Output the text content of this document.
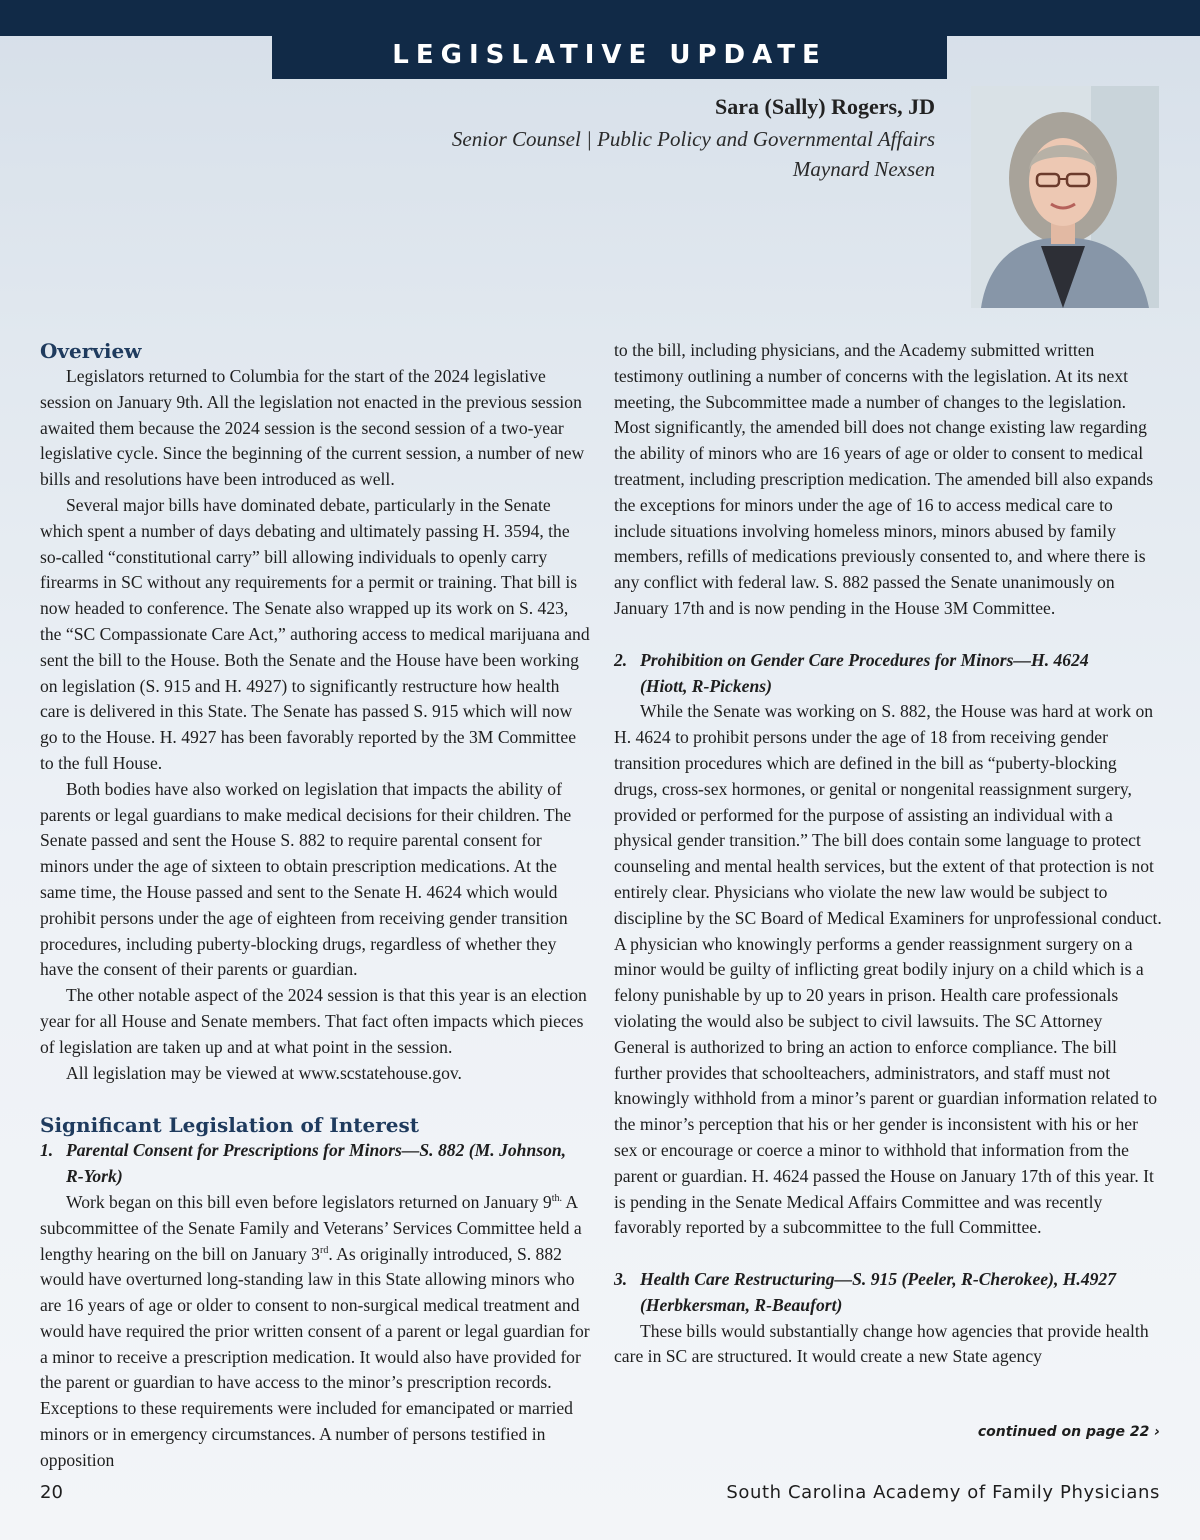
LEGISLATIVE UPDATE
Sara (Sally) Rogers, JD
Senior Counsel | Public Policy and Governmental Affairs
Maynard Nexsen
Overview

Legislators returned to Columbia for the start of the 2024 legislative session on January 9th. All the legislation not enacted in the previous session awaited them because the 2024 session is the second session of a two-year legislative cycle. Since the beginning of the current session, a number of new bills and resolutions have been introduced as well.

Several major bills have dominated debate, particularly in the Senate which spent a number of days debating and ultimately passing H. 3594, the so-called “constitutional carry” bill allowing individuals to openly carry firearms in SC without any requirements for a permit or training. That bill is now headed to conference. The Senate also wrapped up its work on S. 423, the “SC Compassionate Care Act,” authoring access to medical marijuana and sent the bill to the House. Both the Senate and the House have been working on legislation (S. 915 and H. 4927) to significantly restructure how health care is delivered in this State. The Senate has passed S. 915 which will now go to the House. H. 4927 has been favorably reported by the 3M Committee to the full House.

Both bodies have also worked on legislation that impacts the ability of parents or legal guardians to make medical decisions for their children. The Senate passed and sent the House S. 882 to require parental consent for minors under the age of sixteen to obtain prescription medications. At the same time, the House passed and sent to the Senate H. 4624 which would prohibit persons under the age of eighteen from receiving gender transition procedures, including puberty-blocking drugs, regardless of whether they have the consent of their parents or guardian.

The other notable aspect of the 2024 session is that this year is an election year for all House and Senate members. That fact often impacts which pieces of legislation are taken up and at what point in the session.

All legislation may be viewed at www.scstatehouse.gov.

Significant Legislation of Interest

1. Parental Consent for Prescriptions for Minors—S. 882 (M. Johnson,
R-York)

Work began on this bill even before legislators returned on January $9^{th.}$ A subcommittee of the Senate Family and Veterans’ Services Committee held a lengthy hearing on the bill on January 3rd. As originally introduced, S. 882 would have overturned long-standing law in this State allowing minors who are 16 years of age or older to consent to non-surgical medical treatment and would have required the prior written consent of a parent or legal guardian for a minor to receive a prescription medication. It would also have provided for the parent or guardian to have access to the minor’s prescription records. Exceptions to these requirements were included for emancipated or married minors or in emergency circumstances. A number of persons testified in opposition

to the bill, including physicians, and the Academy submitted written testimony outlining a number of concerns with the legislation. At its next meeting, the Subcommittee made a number of changes to the legislation. Most significantly, the amended bill does not change existing law regarding the ability of minors who are 16 years of age or older to consent to medical treatment, including prescription medication. The amended bill also expands the exceptions for minors under the age of 16 to access medical care to include situations involving homeless minors, minors abused by family members, refills of medications previously consented to, and where there is any conflict with federal law. S. 882 passed the Senate unanimously on January 17th and is now pending in the House 3M Committee.

2. Prohibition on Gender Care Procedures for Minors—H. 4624
(Hiott, R-Pickens)

While the Senate was working on S. 882, the House was hard at work on H. 4624 to prohibit persons under the age of 18 from receiving gender transition procedures which are defined in the bill as “puberty-blocking drugs, cross-sex hormones, or genital or nongenital reassignment surgery, provided or performed for the purpose of assisting an individual with a physical gender transition.” The bill does contain some language to protect counseling and mental health services, but the extent of that protection is not entirely clear. Physicians who violate the new law would be subject to discipline by the SC Board of Medical Examiners for unprofessional conduct. A physician who knowingly performs a gender reassignment surgery on a minor would be guilty of inflicting great bodily injury on a child which is a felony punishable by up to 20 years in prison. Health care professionals violating the would also be subject to civil lawsuits. The SC Attorney General is authorized to bring an action to enforce compliance. The bill further provides that schoolteachers, administrators, and staff must not knowingly withhold from a minor’s parent or guardian information related to the minor’s perception that his or her gender is inconsistent with his or her sex or encourage or coerce a minor to withhold that information from the parent or guardian. H. 4624 passed the House on January 17th of this year. It is pending in the Senate Medical Affairs Committee and was recently favorably reported by a subcommittee to the full Committee.

3. Health Care Restructuring—S. 915 (Peeler, R-Cherokee), H.4927
(Herbkersman, R-Beaufort)

These bills would substantially change how agencies that provide health care in SC are structured. It would create a new State agency

continued on page 22 ›
20	South Carolina Academy of Family Physicians
